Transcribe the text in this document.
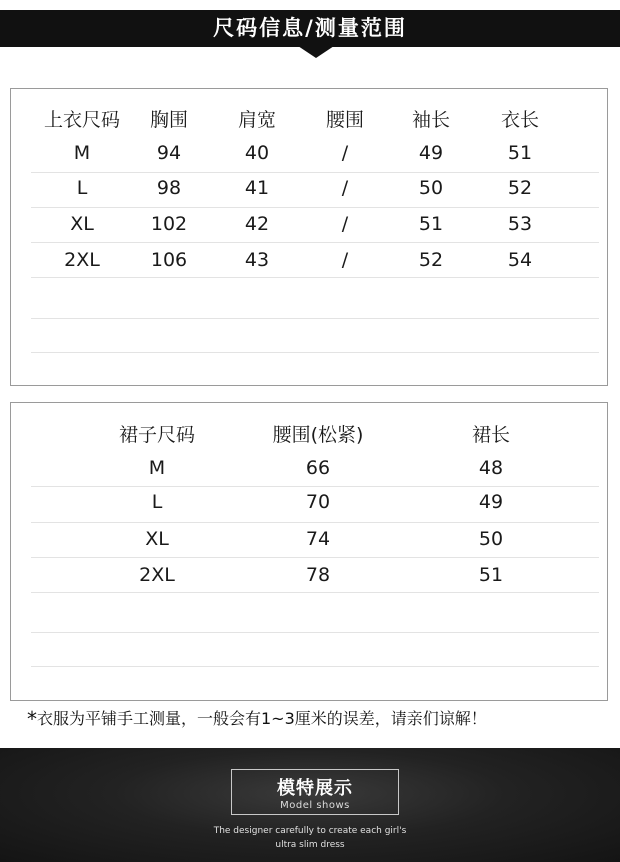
尺码信息/测量范围
上衣尺码 胸围	肩宽	腰围	袖长	衣长
M	94	40	/	49	51
L	98	41	/	50	52
XL	102	42	/	51	53
2XL	106	43	/	52	54
裙子尺码	腰围(松紧)	裙长
M	66	48
L	70	49
XL	74	50
2XL	78	51
*衣服为平铺手工测量，一般会有1~3厘米的误差，请亲们谅解！
模特展示
Model shows
The designer carefully to create each girl's
ultra slim dress
